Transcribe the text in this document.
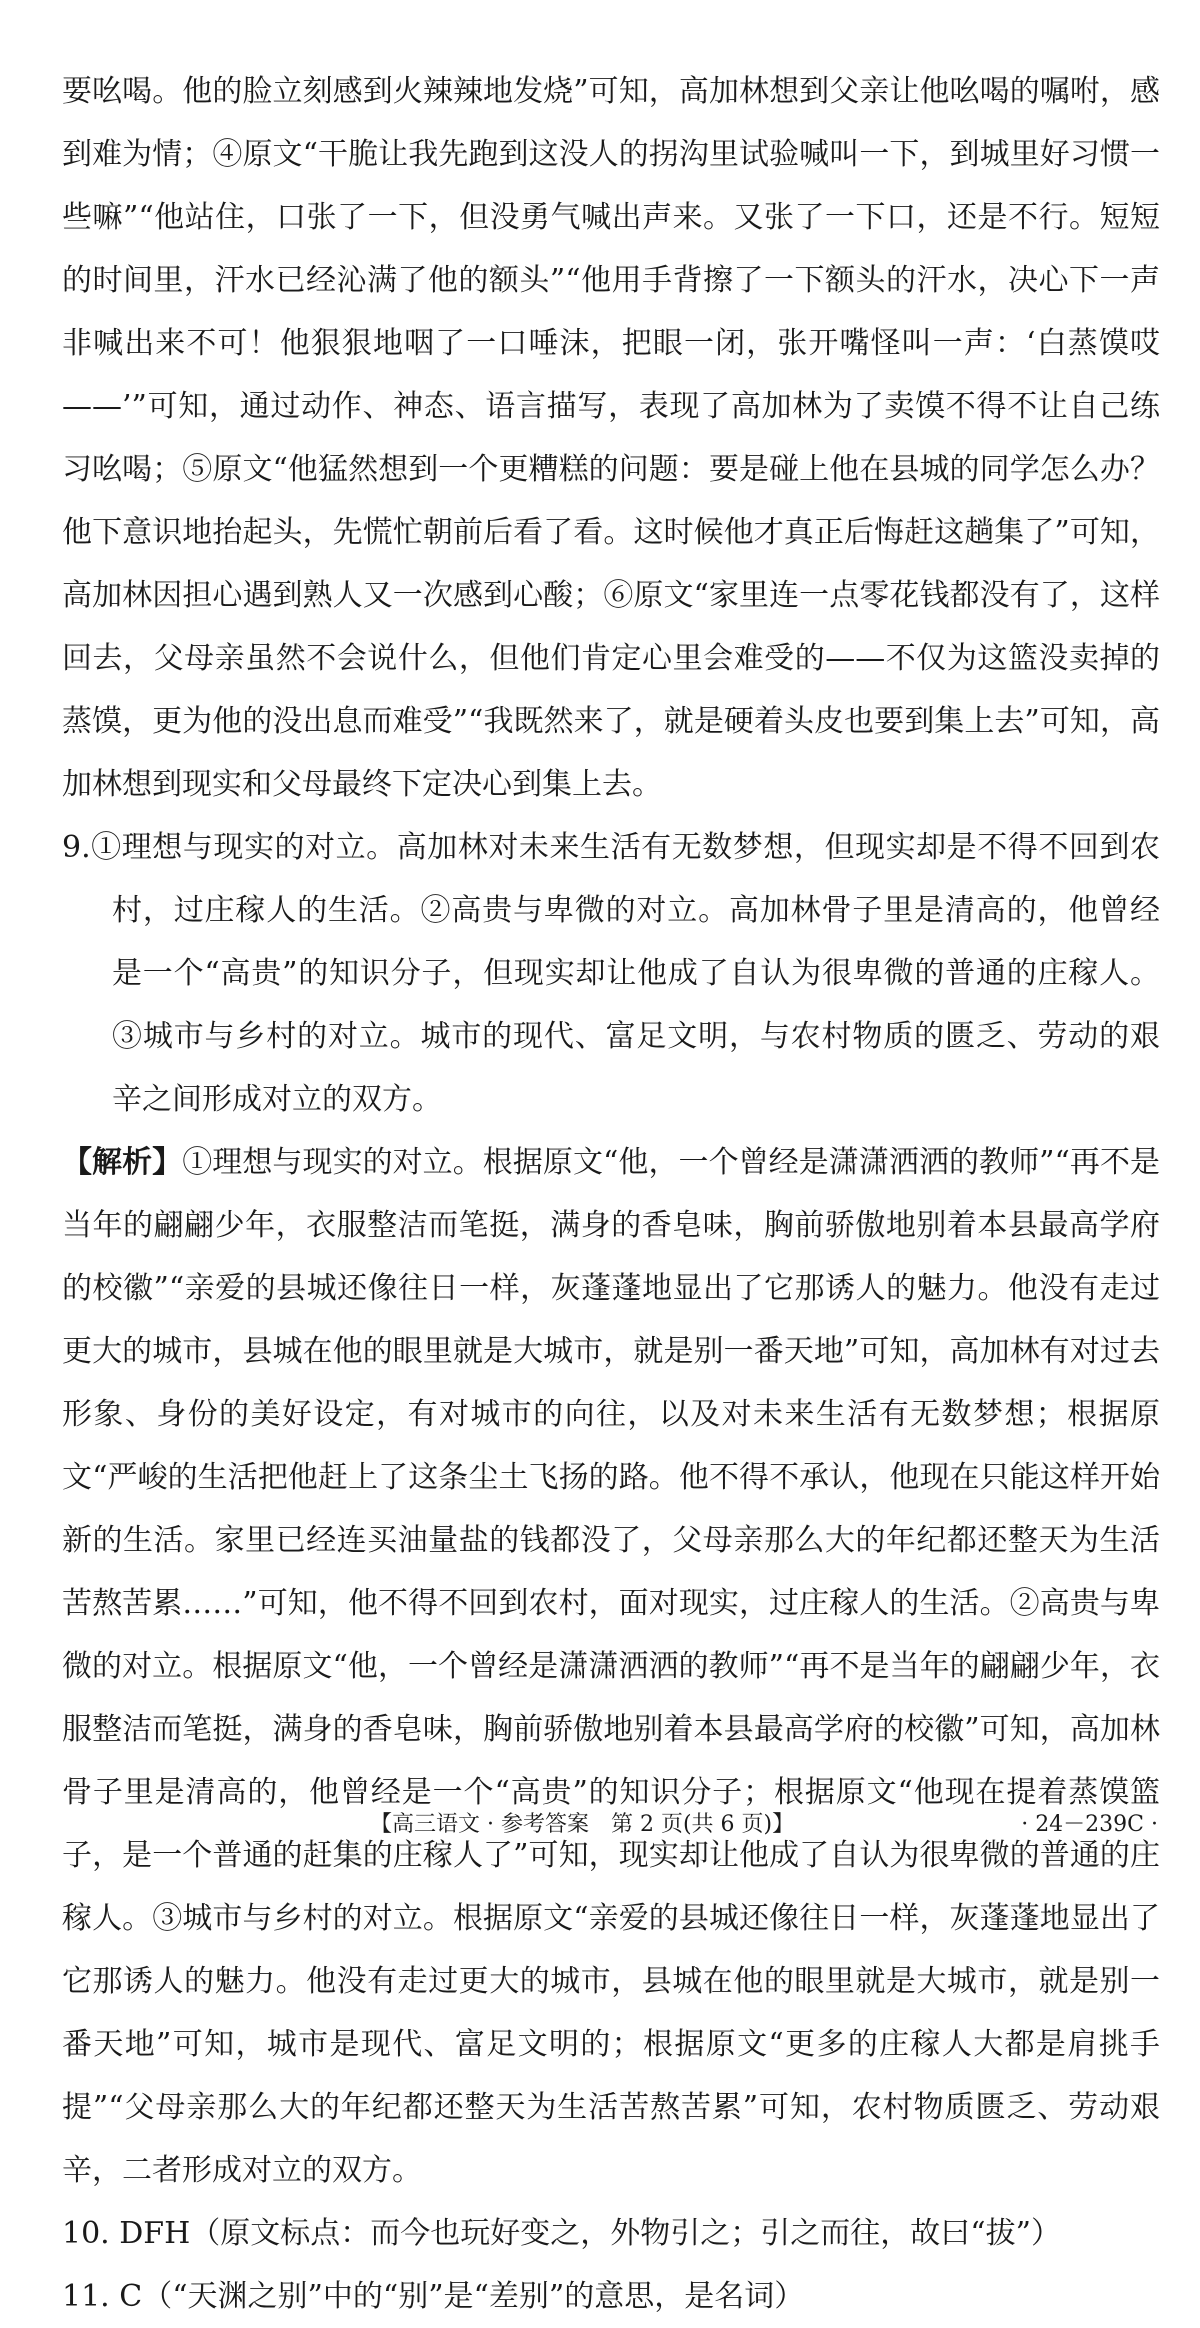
要吆喝。他的脸立刻感到火辣辣地发烧”可知，高加林想到父亲让他吆喝的嘱咐，感到难为情；④原文“干脆让我先跑到这没人的拐沟里试验喊叫一下，到城里好习惯一些嘛”“他站住，口张了一下，但没勇气喊出声来。又张了一下口，还是不行。短短的时间里，汗水已经沁满了他的额头”“他用手背擦了一下额头的汗水，决心下一声非喊出来不可！他狠狠地咽了一口唾沫，把眼一闭，张开嘴怪叫一声：‘白蒸馍哎——’”可知，通过动作、神态、语言描写，表现了高加林为了卖馍不得不让自己练习吆喝；⑤原文“他猛然想到一个更糟糕的问题：要是碰上他在县城的同学怎么办？他下意识地抬起头，先慌忙朝前后看了看。这时候他才真正后悔赶这趟集了”可知，高加林因担心遇到熟人又一次感到心酸；⑥原文“家里连一点零花钱都没有了，这样回去，父母亲虽然不会说什么，但他们肯定心里会难受的——不仅为这篮没卖掉的蒸馍，更为他的没出息而难受”“我既然来了，就是硬着头皮也要到集上去”可知，高加林想到现实和父母最终下定决心到集上去。

9.①理想与现实的对立。高加林对未来生活有无数梦想，但现实却是不得不回到农村，过庄稼人的生活。②高贵与卑微的对立。高加林骨子里是清高的，他曾经是一个“高贵”的知识分子，但现实却让他成了自认为很卑微的普通的庄稼人。③城市与乡村的对立。城市的现代、富足文明，与农村物质的匮乏、劳动的艰辛之间形成对立的双方。

【解析】①理想与现实的对立。根据原文“他，一个曾经是潇潇洒洒的教师”“再不是当年的翩翩少年，衣服整洁而笔挺，满身的香皂味，胸前骄傲地别着本县最高学府的校徽”“亲爱的县城还像往日一样，灰蓬蓬地显出了它那诱人的魅力。他没有走过更大的城市，县城在他的眼里就是大城市，就是别一番天地”可知，高加林有对过去形象、身份的美好设定，有对城市的向往，以及对未来生活有无数梦想；根据原文“严峻的生活把他赶上了这条尘土飞扬的路。他不得不承认，他现在只能这样开始新的生活。家里已经连买油量盐的钱都没了，父母亲那么大的年纪都还整天为生活苦熬苦累……”可知，他不得不回到农村，面对现实，过庄稼人的生活。②高贵与卑微的对立。根据原文“他，一个曾经是潇潇洒洒的教师”“再不是当年的翩翩少年，衣服整洁而笔挺，满身的香皂味，胸前骄傲地别着本县最高学府的校徽”可知，高加林骨子里是清高的，他曾经是一个“高贵”的知识分子；根据原文“他现在提着蒸馍篮子，是一个普通的赶集的庄稼人了”可知，现实却让他成了自认为很卑微的普通的庄稼人。③城市与乡村的对立。根据原文“亲爱的县城还像往日一样，灰蓬蓬地显出了它那诱人的魅力。他没有走过更大的城市，县城在他的眼里就是大城市，就是别一番天地”可知，城市是现代、富足文明的；根据原文“更多的庄稼人大都是肩挑手提”“父母亲那么大的年纪都还整天为生活苦熬苦累”可知，农村物质匮乏、劳动艰辛，二者形成对立的双方。

10. DFH（原文标点：而今也玩好变之，外物引之；引之而往，故曰“拔”）

11. C（“天渊之别”中的“别”是“差别”的意思，是名词）

【高三语文 · 参考答案　第 2 页(共 6 页)】	· 24－239C ·
